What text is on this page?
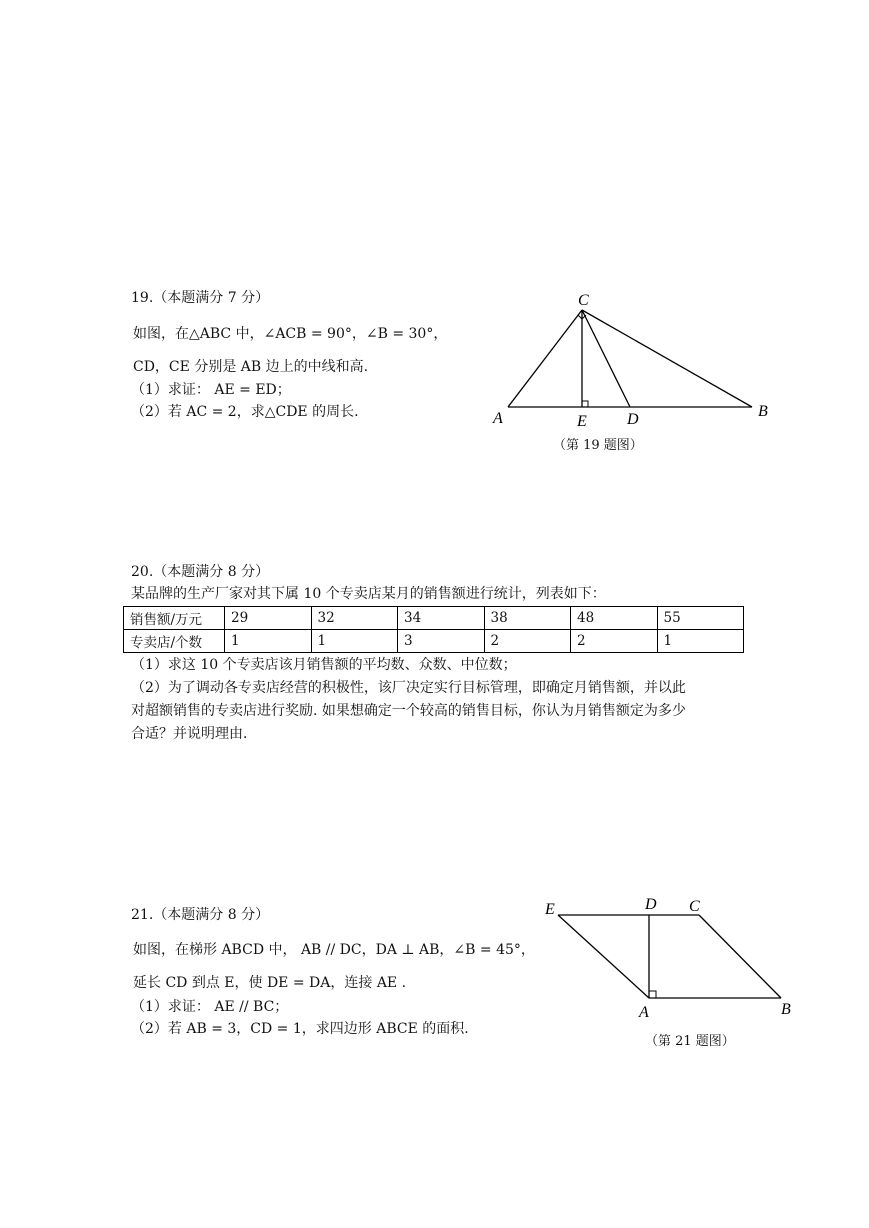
19.（本题满分 7 分）
如图，在△ABC 中，∠ACB = 90°，∠B = 30°，
CD，CE 分别是 AB 边上的中线和高.
（1）求证： AE = ED；
（2）若 AC = 2，求△CDE 的周长.
C
A	E	D	B
（第 19 题图）
20.（本题满分 8 分）
某品牌的生产厂家对其下属 10 个专卖店某月的销售额进行统计，列表如下：
销售额/万元	29	32	34	38	48	55
专卖店/个数	1	1	3	2	2	1
（1）求这 10 个专卖店该月销售额的平均数、众数、中位数；
（2）为了调动各专卖店经营的积极性，该厂决定实行目标管理，即确定月销售额，并以此
对超额销售的专卖店进行奖励. 如果想确定一个较高的销售目标，你认为月销售额定为多少
合适？并说明理由.
21.（本题满分 8 分）
如图，在梯形 ABCD 中， AB // DC，DA ⊥ AB，∠B = 45°，
延长 CD 到点 E，使 DE = DA，连接 AE .
（1）求证： AE // BC；
（2）若 AB = 3，CD = 1，求四边形 ABCE 的面积.
E	D C
A	B
（第 21 题图）
